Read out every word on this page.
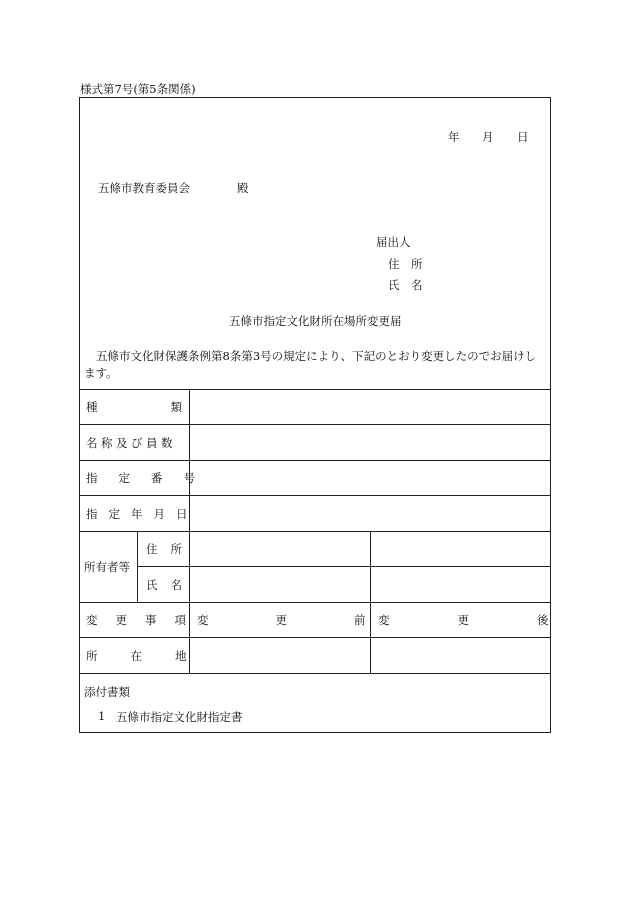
様式第7号(第5条関係)
年 月 日
五條市教育委員会	殿
届出人
住　所
氏　名
五條市指定文化財所在場所変更届
五條市文化財保護条例第8条第3号の規定により、下記のとおり変更したのでお届けします。
種	類
名称及び員数
指定番号
指定年月日
所有者等
住所
氏名
変更事項
変更前
変更後
所在地
添付書類
1 五條市指定文化財指定書
